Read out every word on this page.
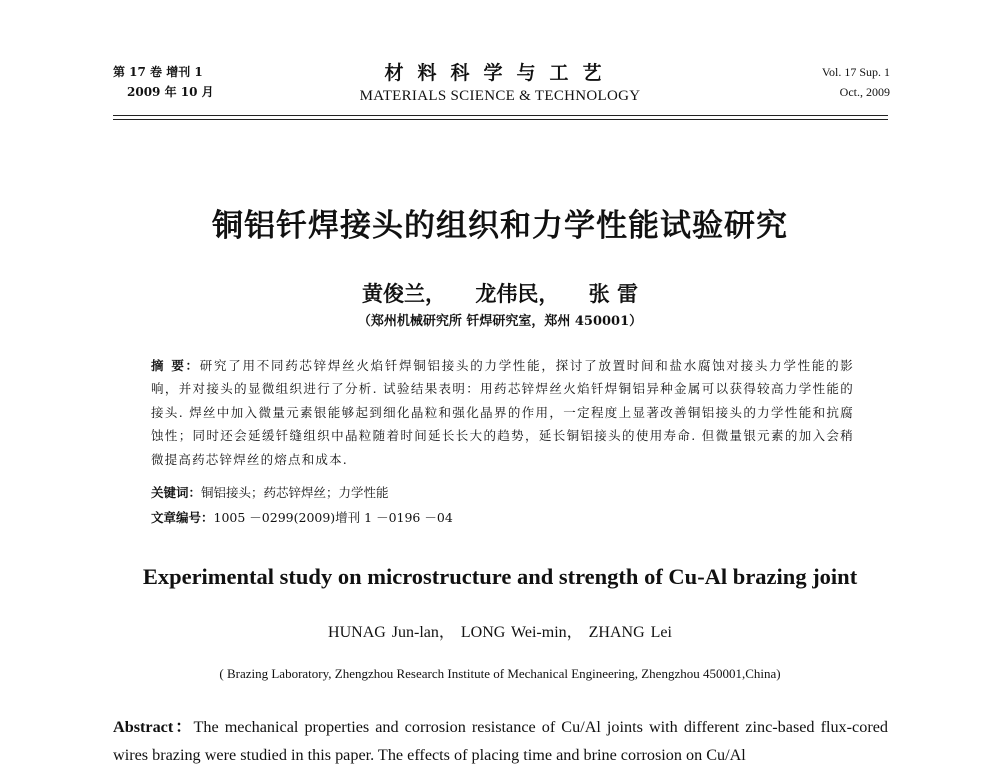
第 17 卷 增刊 1
2009 年 10 月
材料科学与工艺
MATERIALS SCIENCE & TECHNOLOGY
Vol. 17 Sup. 1
Oct., 2009
铜铝钎焊接头的组织和力学性能试验研究
黄俊兰， 龙伟民， 张 雷
（郑州机械研究所 钎焊研究室，郑州 450001）
摘 要：研究了用不同药芯锌焊丝火焰钎焊铜铝接头的力学性能，探讨了放置时间和盐水腐蚀对接头力学性能的影响，并对接头的显微组织进行了分析. 试验结果表明：用药芯锌焊丝火焰钎焊铜铝异种金属可以获得较高力学性能的接头. 焊丝中加入微量元素银能够起到细化晶粒和强化晶界的作用，一定程度上显著改善铜铝接头的力学性能和抗腐蚀性；同时还会延缓钎缝组织中晶粒随着时间延长长大的趋势，延长铜铝接头的使用寿命. 但微量银元素的加入会稍微提高药芯锌焊丝的熔点和成本.
关键词：铜铝接头；药芯锌焊丝；力学性能
文章编号：1005 －0299(2009)增刊 1 －0196 －04
Experimental study on microstructure and strength of Cu-Al brazing joint
HUNAG Jun-lan， LONG Wei-min， ZHANG Lei
( Brazing Laboratory, Zhengzhou Research Institute of Mechanical Engineering, Zhengzhou 450001,China)
Abstract：The mechanical properties and corrosion resistance of Cu/Al joints with different zinc-based flux-cored wires brazing were studied in this paper. The effects of placing time and brine corrosion on Cu/Al
